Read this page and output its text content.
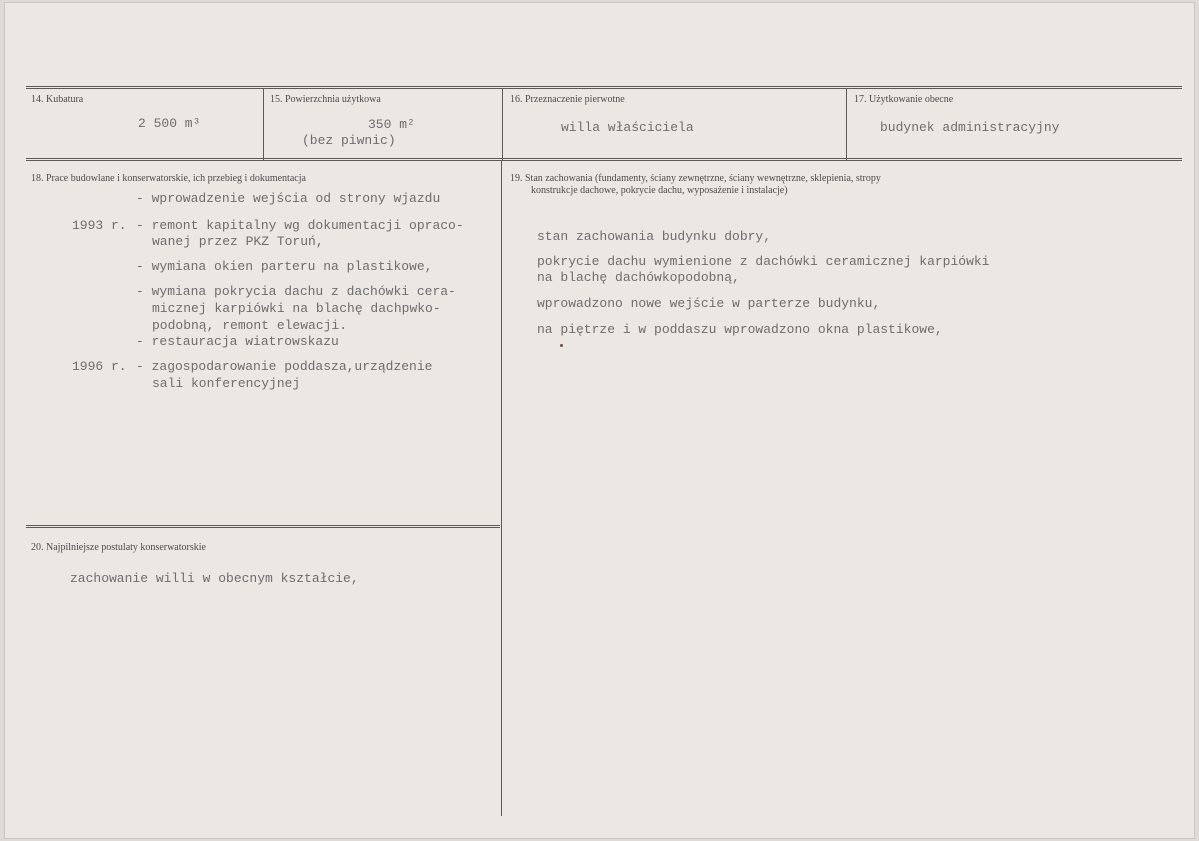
14. Kubatura
2 500 m³
15. Powierzchnia użytkowa
350 m²
(bez piwnic)
16. Przeznaczenie pierwotne
willa właściciela
17. Użytkowanie obecne
budynek administracyjny
18. Prace budowlane i konserwatorskie, ich przebieg i dokumentacja
- wprowadzenie wejścia od strony wjazdu
1993 r. - remont kapitalny wg dokumentacji opraco-
wanej przez PKZ Toruń,
- wymiana okien parteru na plastikowe,
- wymiana pokrycia dachu z dachówki cera-
micznej karpiówki na blachę dachpwko-
podobną, remont elewacji.
- restauracja wiatrowskazu
1996 r. - zagospodarowanie poddasza,urządzenie
sali konferencyjnej
19. Stan zachowania (fundamenty, ściany zewnętrzne, ściany wewnętrzne, sklepienia, stropy
konstrukcje dachowe, pokrycie dachu, wyposażenie i instalacje)
stan zachowania budynku dobry,
pokrycie dachu wymienione z dachówki ceramicznej karpiówki
na blachę dachówkopodobną,
wprowadzono nowe wejście w parterze budynku,
na piętrze i w poddaszu wprowadzono okna plastikowe,
20. Najpilniejsze postulaty konserwatorskie
zachowanie willi w obecnym kształcie,
